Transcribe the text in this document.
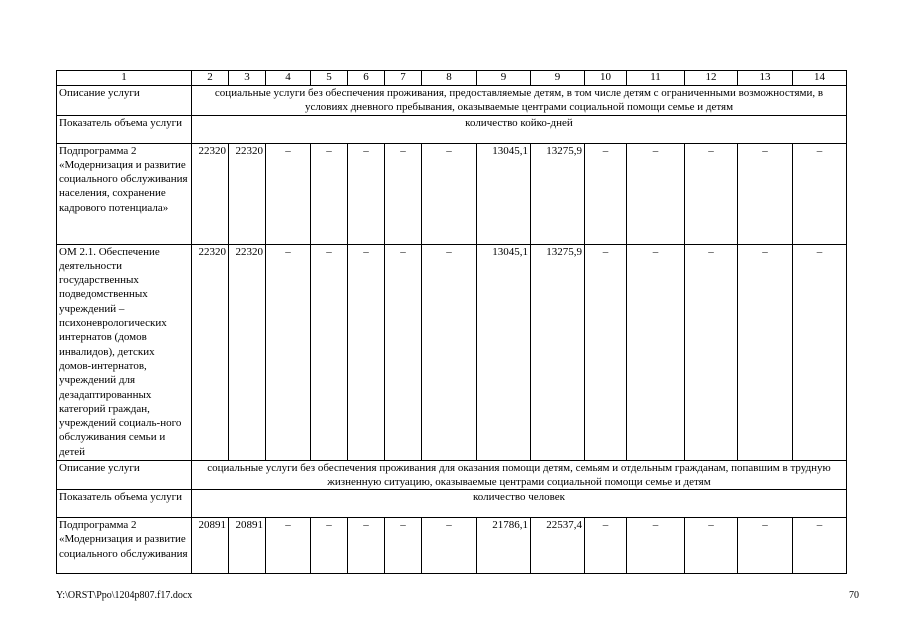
1	2	3	4	5	6	7	8	9	9	10	11	12	13	14
Описание услуги	социальные услуги без обеспечения проживания, предоставляемые детям, в том числе детям с ограниченными возможностями, в условиях дневного пребывания, оказываемые центрами социальной помощи семье и детям													
Показатель объема услуги	количество койко-дней													
Подпрограмма 2 «Модернизация и развитие социального обслуживания населения, сохранение кадрового потенциала»	22320	22320	–	–	–	–	–	13045,1	13275,9	–	–	–	–	–
ОМ 2.1. Обеспечение деятельности государственных подведомственных учреждений – психоневрологических интернатов (домов инвалидов), детских домов-интернатов, учреждений для дезадаптированных категорий граждан, учреждений социаль-ного обслуживания семьи и детей	22320	22320	–	–	–	–	–	13045,1	13275,9	–	–	–	–	–
Описание услуги	социальные услуги без обеспечения проживания для оказания помощи детям, семьям и отдельным гражданам, попавшим в трудную жизненную ситуацию, оказываемые центрами социальной помощи семье и детям													
Показатель объема услуги	количество человек													
Подпрограмма 2 «Модернизация и развитие социального обслуживания	20891	20891	–	–	–	–	–	21786,1	22537,4	–	–	–	–	–
Y:\ORST\Ppo\1204p807.f17.docx	70
